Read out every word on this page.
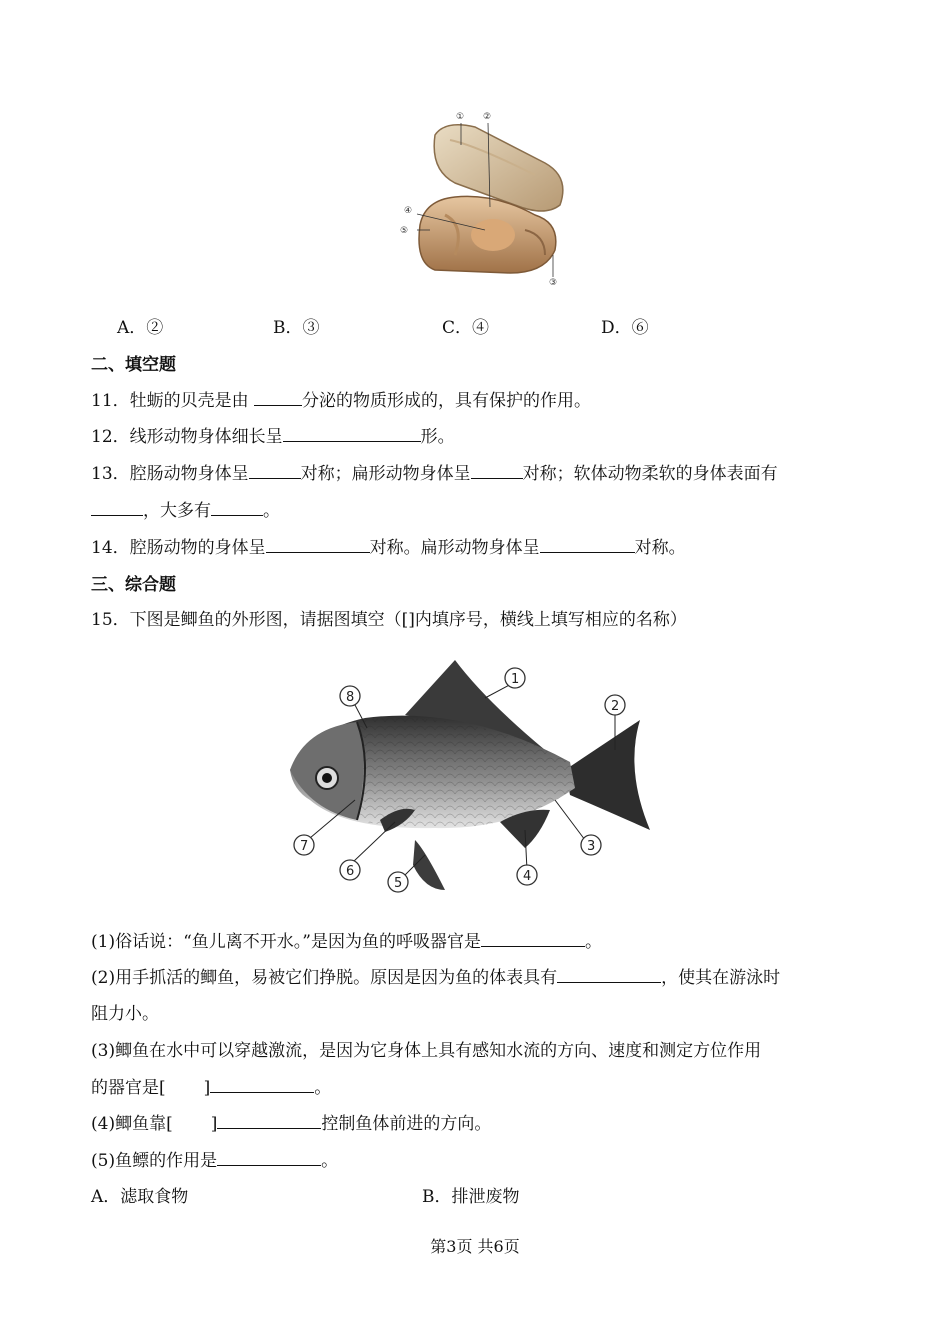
① ②
④
⑤
③
A．②	B．③	C．④	D．⑥
二、填空题
11．牡蛎的贝壳是由	分泌的物质形成的，具有保护的作用。
12．线形动物身体细长呈	形。
13．腔肠动物身体呈	对称；扁形动物身体呈	对称；软体动物柔软的身体表面有
，大多有	。
14．腔肠动物的身体呈	对称。扁形动物身体呈	对称。
三、综合题
15．下图是鲫鱼的外形图，请据图填空（[]内填序号，横线上填写相应的名称）
1
2
3
4
5
6
7
8
(1)俗话说：“鱼儿离不开水。”是因为鱼的呼吸器官是	。
(2)用手抓活的鲫鱼，易被它们挣脱。原因是因为鱼的体表具有	，使其在游泳时
阻力小。
(3)鲫鱼在水中可以穿越激流，是因为它身体上具有感知水流的方向、速度和测定方位作用
的器官是[ ]	。
(4)鲫鱼靠[ ]	控制鱼体前进的方向。
(5)鱼鳔的作用是	。
A．滤取食物	B．排泄废物
第3页 共6页
